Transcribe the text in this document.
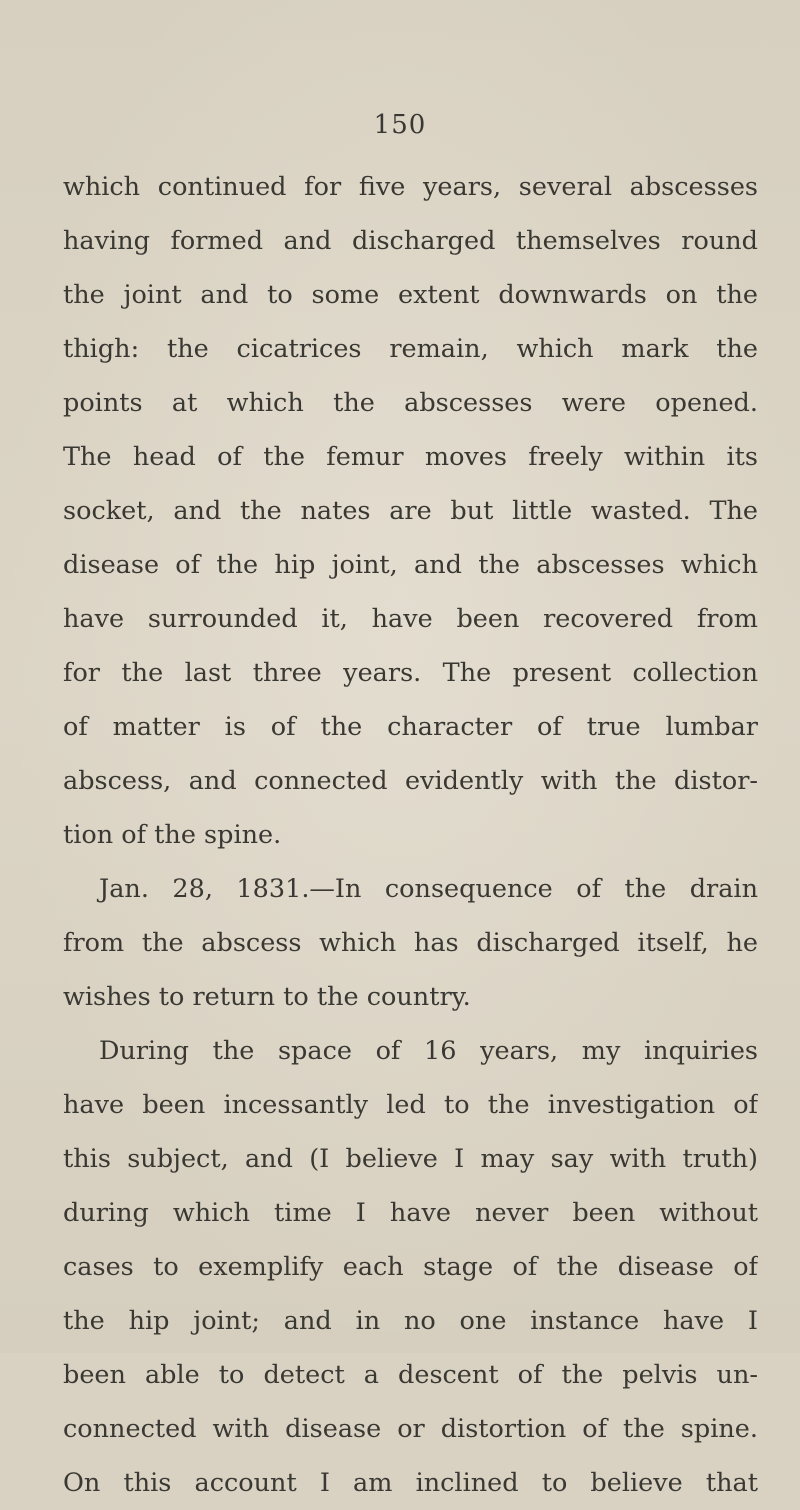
150
which continued for five years, several abscesses
having formed and discharged themselves round
the joint and to some extent downwards on the
thigh: the cicatrices remain, which mark the
points at which the abscesses were opened.
The head of the femur moves freely within its
socket, and the nates are but little wasted. The
disease of the hip joint, and the abscesses which
have surrounded it, have been recovered from
for the last three years. The present collection
of matter is of the character of true lumbar
abscess, and connected evidently with the distor-
tion of the spine.
Jan. 28, 1831.—In consequence of the drain
from the abscess which has discharged itself, he
wishes to return to the country.
During the space of 16 years, my inquiries
have been incessantly led to the investigation of
this subject, and (I believe I may say with truth)
during which time I have never been without
cases to exemplify each stage of the disease of
the hip joint; and in no one instance have I
been able to detect a descent of the pelvis un-
connected with disease or distortion of the spine.
On this account I am inclined to believe that
